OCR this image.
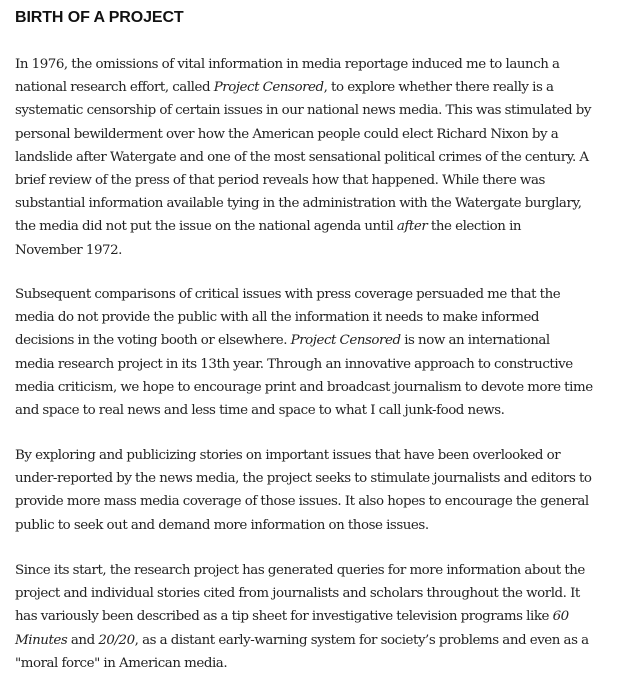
BIRTH OF A PROJECT

In 1976, the omissions of vital information in media reportage induced me to launch a
national research effort, called Project Censored, to explore whether there really is a
systematic censorship of certain issues in our national news media. This was stimulated by
personal bewilderment over how the American people could elect Richard Nixon by a
landslide after Watergate and one of the most sensational political crimes of the century. A
brief review of the press of that period reveals how that happened. While there was
substantial information available tying in the administration with the Watergate burglary,
the media did not put the issue on the national agenda until after the election in
November 1972.

Subsequent comparisons of critical issues with press coverage persuaded me that the
media do not provide the public with all the information it needs to make informed
decisions in the voting booth or elsewhere. Project Censored is now an international
media research project in its 13th year. Through an innovative approach to constructive
media criticism, we hope to encourage print and broadcast journalism to devote more time
and space to real news and less time and space to what I call junk-food news.

By exploring and publicizing stories on important issues that have been overlooked or
under-reported by the news media, the project seeks to stimulate journalists and editors to
provide more mass media coverage of those issues. It also hopes to encourage the general
public to seek out and demand more information on those issues.

Since its start, the research project has generated queries for more information about the
project and individual stories cited from journalists and scholars throughout the world. It
has variously been described as a tip sheet for investigative television programs like 60
Minutes and 20/20, as a distant early-warning system for society’s problems and even as a
"moral force" in American media.
